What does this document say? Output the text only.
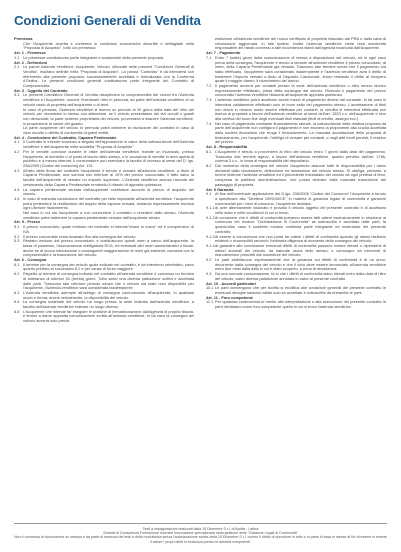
Condizioni Generali di Vendita
Premessa
Che l'Acquirente accetta e conferma le condizioni economiche descritte e dettagliate nella "Proposta di Acquisto", tutto ciò premesso:
Art. 1 - Premesse
1.1 Le premesse costituiscono parte integrante e sostanziale della presente proposta.
Art. 2 - Definizioni
2.1 Le parole Azienda Venditrice, Acquirente, Veicolo, utilizzate nelle presenti "Condizioni Generali di Vendita", risultano definite nella "Proposta di Acquisto". La parola "Contratto" è da intendersi con riferimento alla presente proposta, successivamente accettata e formalizzata con la Conferma d'Ordine. Le presenti condizioni generali costituiscono parte integrante del Contratto di Compravendita.
Art. 3 - Oggetto del Contratto
3.1 Le presenti Condizioni Generali di Vendita disciplinano la compravendita dei veicoli tra l'Azienda venditrice e l'Acquirente, nonché l'eventuale ritiro in permuta, da parte dell'azienda venditrice di un veicolo usato di proprietà dell'acquirente o di terzi.
In caso di permuta, l'Azienda venditrice si riserva un periodo di 30 giorni dalla data del ritiro del veicolo per riscontrare lo stesso con attenzione, se il veicolo presentasse dei vizi occulti o guasti non denunciati, la parte cedente proprietaria del veicolo, provvederà a risarcire l'azienda venditrice, in proporzione al valore del guasto.
La parte acquirente del veicolo in permuta potrà chiedere la risoluzione del contratto in caso di vizio occulto o difetto di conformità di grave entità.
Art. 4 - Conclusione del Contratto, Caparra Penitenziale
4.1 Il Contratto si intende concluso a seguito dell'apposizione in calce della sottoscrizione dell'Azienda venditrice e dell'acquirente nella suddetta "Proposta di Acquisto".
4.2 Per le vendite concluse durante le visite dell'azienda venditrice, tramite un incaricato, presso l'acquirente, al domicilio o al posto di lavoro dello stesso, o in occasione di vendite in area aperta al pubblico e a mezzo internet, il consumatore può esercitare la facoltà di recesso ai sensi del D. lgs. 206/2005 (Codice del consumo) Art. 131.
4.3 All'atto della firma del contratto l'acquirente è tenuto a versare all'azienda venditrice, a titolo di Caparra Penitenziale, una somma non inferiore al 10% del prezzo concordato, il fatto salvo la facoltà dell'acquirente di versare un importo superiore. L'Azienda venditrice accusa ricevuta del versamento della Caparra Penitenziale rendendo il rilascio di apposita quietanza.
4.4 La caparra penitenziale versata dall'acquirente costituisce acconto al prezzo di acquisto del veicolo.
4.5 In caso di mancata conclusione del contratto per fatto imputabile all'azienda venditrice, l'acquirente potrà pretendere la restituzione del doppio della caparra versata, restando espressamente esclusa ogni ulteriore risarcimento.
Nel caso in cui sia l'acquirente a non concludere il contratto o recedere dallo stesso, l'Azienda venditrice potrà trattenere la caparra penitenziale versata dall'acquirente stesso.
Art. 5 - Prezzo
5.1 Il prezzo concordato, quale indicato nel contratto si intende"chiavi in mano" ed è comprensivo di IVA.
5.2 Il prezzo concordato resta invariato fino alla consegna del veicolo.
5.3 Restano escluse dal prezzo concordato, e costituiscono quindi oneri a carico dell'acquirente, la tassa di possesso, l'assicurazione obbligatoria RCA, ed eventuali altri oneri amministrativi o fiscali, anche se di nuova introduzione o conseguenti maggiorazione di oneri già esistenti, connessi con la compravendita e la trascrizione del veicolo.
Art. 6 - Consegna
6.1 Il termine per la consegna del veicolo quale indicato nel contratto, è da intendersi orientativo, salvo quanto previsto al successivo 6.2 e per cause di forza maggiore.
6.2 Rispetto al termine di consegna indicato nel contratto all'azienda venditrice è concesso un termine di tolleranza di ulteriori 30 (trenta) giorni. Tutto salvo una diversa pattuizione scritta e accettata dalle parti. Trascorso tale ulteriore periodo senza che il veicolo sia stato reso disponibile per l'acquirente, l'Azienda venditrice sarà considerata inadempiente.
6.3 L'Azienda venditrice adempie all'obbligo di consegna comunicando all'acquirente, in qualsiasi modo e forma, anche verbalmente, la disponibilità del veicolo.
6.4 La consegna materiale del veicolo ha luogo presso la sede indicata dall'azienda venditrice, a facoltà dell'azienda venditrice indicare un luogo diverso.
6.5 L'Acquirente che intende far eseguire le pratiche di immatricolazione dall'agenzia di propria fiducia, è tenuto a darne apposita comunicazione scritta all'azienda venditrice. In tal caso la consegna del veicolo avverrà solo previa
esibizione all'azienda venditrice del nuovo certificato di proprietà rilasciato dal PRA o dalla carta di circolazione aggiornata. In tale ipotesi, inoltre l'azienda venditrice viene resa manlevata responsabile dei ritardi connessi a tale incombenza stanti dall'agenzia incaricata dall'acquirente.
Art. 7 - Pagamento
7.1 Entro 7 (sette) giorni dalla comunicazione di messa a disposizione del veicolo, ed in ogni caso prima della consegna, l'acquirente è tenuto a versare all'azienda venditrice il prezzo concordato, al netto, della Caparra Penitenziale già versata. Trascorso tale termine senza che il pagamento sia stato effettuato, l'acquirente sarà considerato inadempiente e l'azienda venditrice avrà il diritto di trattenere l'importo versato a titolo di Deposito Cauzionale, fermo restando il diritto al recupero quale il maggior danno, il risarcimento del danno.
7.2 Il pagamento avverrà per contanti presso la sede dell'azienda venditrice o altro mezzo idoneo espressamente effettuato, prima della consegna del veicolo. Ricevuto il pagamento del prezzo concordato l'azienda venditrice rilascerà all'acquirente apposita quietanza.
7.3 L'azienda venditrice potrà accettare anche mezzi di pagamento diversi dal contante. In tal caso si intenderà validamente effettuato solo al buon esito del pagamento stesso. L'accettazione di titoli non dovrà in nessun modo essere effettuata per contanti, la vendita si intenderà effettuata con riserva di proprietà a favore dell'azienda venditrice ai sensi dell'art. 1523 c.c. dell'acquirente e sino alla verifica del buon fine degli eventuali titoli rilasciati (titoli di credito, assegni ecc.).
7.4 Nel caso di pagamento mediante finanziamento rateale, la sottoscrizione della relativa proposta da parte dell'acquirente non configura il pagamento e non esonera la proponente alla scuola accettata dalla società finanziaria che eroga il finanziamento. La mancata accettazione della proposta di finanziamento, per l'acquirente, l'obbligo di versare per contanti, o negli altri modi previsti, il residuo del prezzo.
Art. 8 - Responsabilità
8.1 L'Acquirente è tenuto a provvedere al ritiro del veicolo entro 7 giorni dalla data del pagamento. Trascorso tale termine agevo, a favore dell'azienda venditrice, quanto previsto dall'art. 1766, comma 2 c.c., in tema di responsabilità del depositario.
8.2 Dal momento della consegna del veicolo l'acquirente assume tutte le responsabilità per i danni derivanti dalla circolazione, detenzione ed immissione del veicolo stesso. Si obbliga, pertanto, a tenere indenne l'azienda venditrice ed il precedente intestatario del veicolo da ogni pretesa di terzi, compresa la pubblica amministrazione, che possa derivare dalla mancata trascrizione del passaggio di proprietà.
Art. 9 Garanzia
9.1 Al fine dell'eventuale applicazione del D.lgs. 206/2005 "Codice del Consumo" l'Acquirente è tenuto a specificare alla "Direttiva 1999/44/CE" in materia di garanzia legale di conformità e garanzie commerciali per i beni di consumo, l'acquirente dichiara:
9.1.1 di aver attentamente visionato e provato il veicolo oggetto del presente contratto e di accettarlo nello stato e nelle condizioni in cui si trova;
9.1.2 di conoscere che è difetti di conformità potranno essere fatti valere esclusivamente in relazione al contenuto del modulo "Dichiarazione di Conformità" se sottoscritto e accettato dalle parti, fa quanto'altro caso il suddetto modulo costituirà parte integrante ed essenziale del presente contratto;
9.1.3 di essere a conoscenza che non potrà far valere i difetti di conformità quando gli stessi risultano evidenti o riconoscibili secondo l'ordinaria diligenza al momento della consegna del veicolo;
9.1.4 di garantire alla conclusione eventuali difetti di conformità possono essere rilevati o dipendenti di utilizzi anomali del veicolo, da naturale usura dello stesso, e comunque da interventi di manutenzione prescritti dal costruttore del veicolo;
9.2 Le parti stabiliscono espressamente che la garanzia sui difetti di conformità è di un anno, decorrente dalla consegna del veicolo e che il vizio deve essere denunciato all'azienda venditrice entro due mesi dalla data in cui è stato scoperto, a pena di decadenza;
9.3 Da una normale consumazione, fa sì che i difetti di conformità siano rilevati entro dalla data di ritiro del veicolo, salvo diversa pattuizione annotata in calce al presente contratto.
Art. 10 - Accordi particolari
10.1 Le parti convengono che per iscritto si modifica alle condizioni generali del presente contratto le eventuali deroghe saranno valide solo se accettate e sottoscritte da entrambe le parti.
Art. 11 - Foro competente
11.1 Per qualsiasi controversia in merito alla interpretazione o alla esecuzione del presente contratto le parti dichiarano come foro competente quello in cui si trova l'azienda venditrice.
Testi a impaginazione realizzati dalla 15 Dicembre S.r.l. di Aprilia - Latina
Società di Consulenza Formazione Incentivi Innovazione specializzata nella gestione delle "Garanzie Legali di Conformità"
Non è concessa la riproduzione su stampa e da parte di nessuno dei testi e della modulistica senza l'autorizzazione scritta della 15 Dicembre S.r.l. ovvero il diritto di riprodurre in tutto o in parte di essa le stesse ai fini di essere in essere il valore i propri diritti in esclusiva presso le autorità competenti.
